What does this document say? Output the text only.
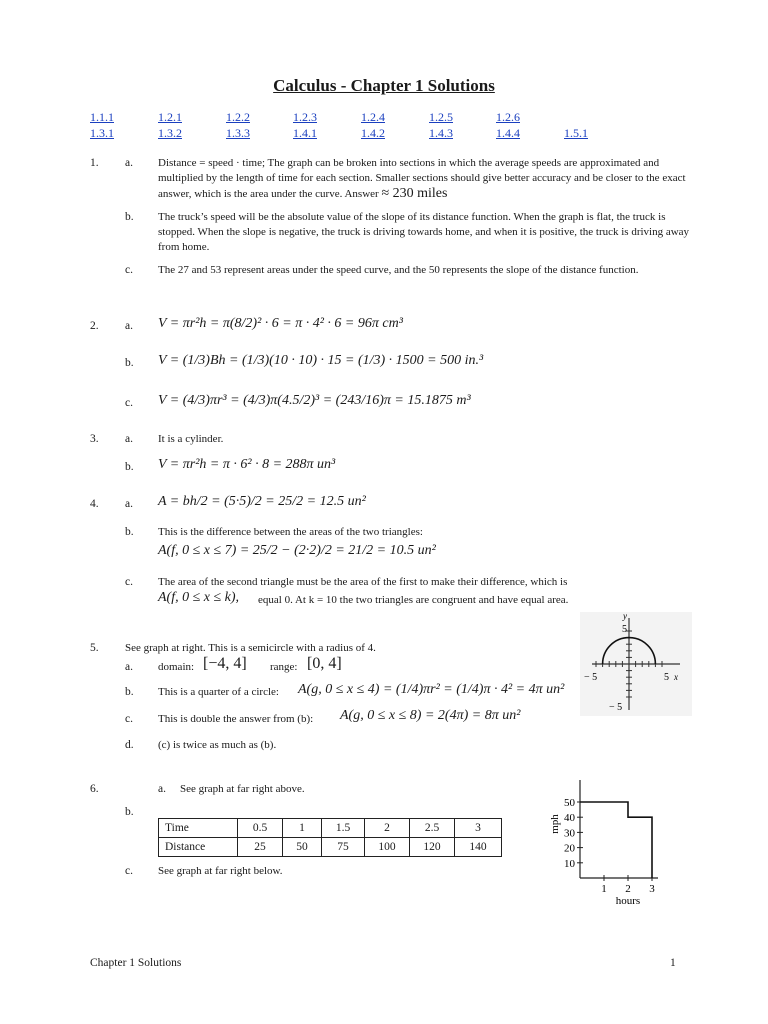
Calculus - Chapter 1 Solutions
1.1.1	1.2.1	1.2.2	1.2.3	1.2.4	1.2.5	1.2.6
1.3.1	1.3.2	1.3.3	1.4.1	1.4.2	1.4.3	1.4.4	1.5.1
1. a. Distance = speed · time; The graph can be broken into sections in which the average speeds are approximated and multiplied by the length of time for each section. Smaller sections should give better accuracy and be closer to the exact answer, which is the area under the curve. Answer ≈ 230 miles
b. The truck’s speed will be the absolute value of the slope of its distance function. When the graph is flat, the truck is stopped. When the slope is negative, the truck is driving towards home, and when it is positive, the truck is driving away from home.
c. The 27 and 53 represent areas under the speed curve, and the 50 represents the slope of the distance function.
2. a. V = πr²h = π(8/2)² · 6 = π · 4² · 6 = 96π cm³
b. V = (1/3)Bh = (1/3)(10 · 10) · 15 = (1/3) · 1500 = 500 in.³
c. V = (4/3)πr³ = (4/3)π(4.5/2)³ = (243/16)π = 15.1875 m³
3. a. It is a cylinder.
b. V = πr²h = π · 6² · 8 = 288π un³
4. a. A = bh/2 = (5·5)/2 = 25/2 = 12.5 un²
b. This is the difference between the areas of the two triangles:
A(f, 0 ≤ x ≤ 7) = 25/2 − (2·2)/2 = 21/2 = 10.5 un²
c. The area of the second triangle must be the area of the first to make their difference, which is
A(f, 0 ≤ x ≤ k), equal 0. At k = 10 the two triangles are congruent and have equal area.
5. See graph at right. This is a semicircle with a radius of 4.
a. domain: [−4, 4] range: [0, 4]
b. This is a quarter of a circle: A(g, 0 ≤ x ≤ 4) = (1/4)πr² = (1/4)π · 4² = 4π un²
c. This is double the answer from (b): A(g, 0 ≤ x ≤ 8) = 2(4π) = 8π un²
d. (c) is twice as much as (b).
5
y
− 5	5 x
− 5
6.	a. See graph at far right above.
b.
Time	0.5	1	1.5	2	2.5	3
Distance	25	50	75	100	120	140
c. See graph at far right below.
10
20
30
40
50
1 2 3
mph
hours
Chapter 1 Solutions	1
